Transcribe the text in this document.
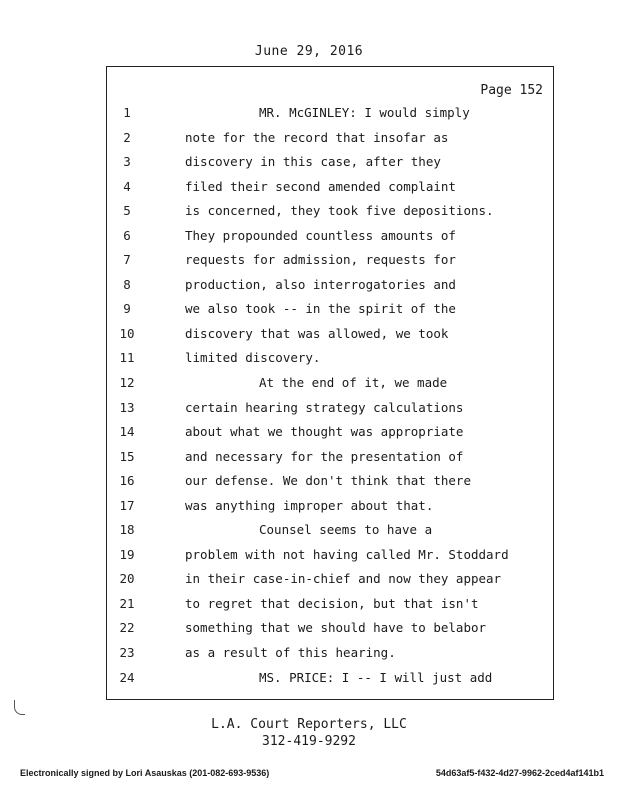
June 29, 2016
Page 152
1	MR. McGINLEY: I would simply
2	note for the record that insofar as
3	discovery in this case, after they
4	filed their second amended complaint
5	is concerned, they took five depositions.
6	They propounded countless amounts of
7	requests for admission, requests for
8	production, also interrogatories and
9	we also took -- in the spirit of the
10	discovery that was allowed, we took
11	limited discovery.
12	At the end of it, we made
13	certain hearing strategy calculations
14	about what we thought was appropriate
15	and necessary for the presentation of
16	our defense. We don't think that there
17	was anything improper about that.
18	Counsel seems to have a
19	problem with not having called Mr. Stoddard
20	in their case-in-chief and now they appear
21	to regret that decision, but that isn't
22	something that we should have to belabor
23	as a result of this hearing.
24	MS. PRICE: I -- I will just add
L.A. Court Reporters, LLC
312-419-9292
Electronically signed by Lori Asauskas (201-082-693-9536)	54d63af5-f432-4d27-9962-2ced4af141b1
